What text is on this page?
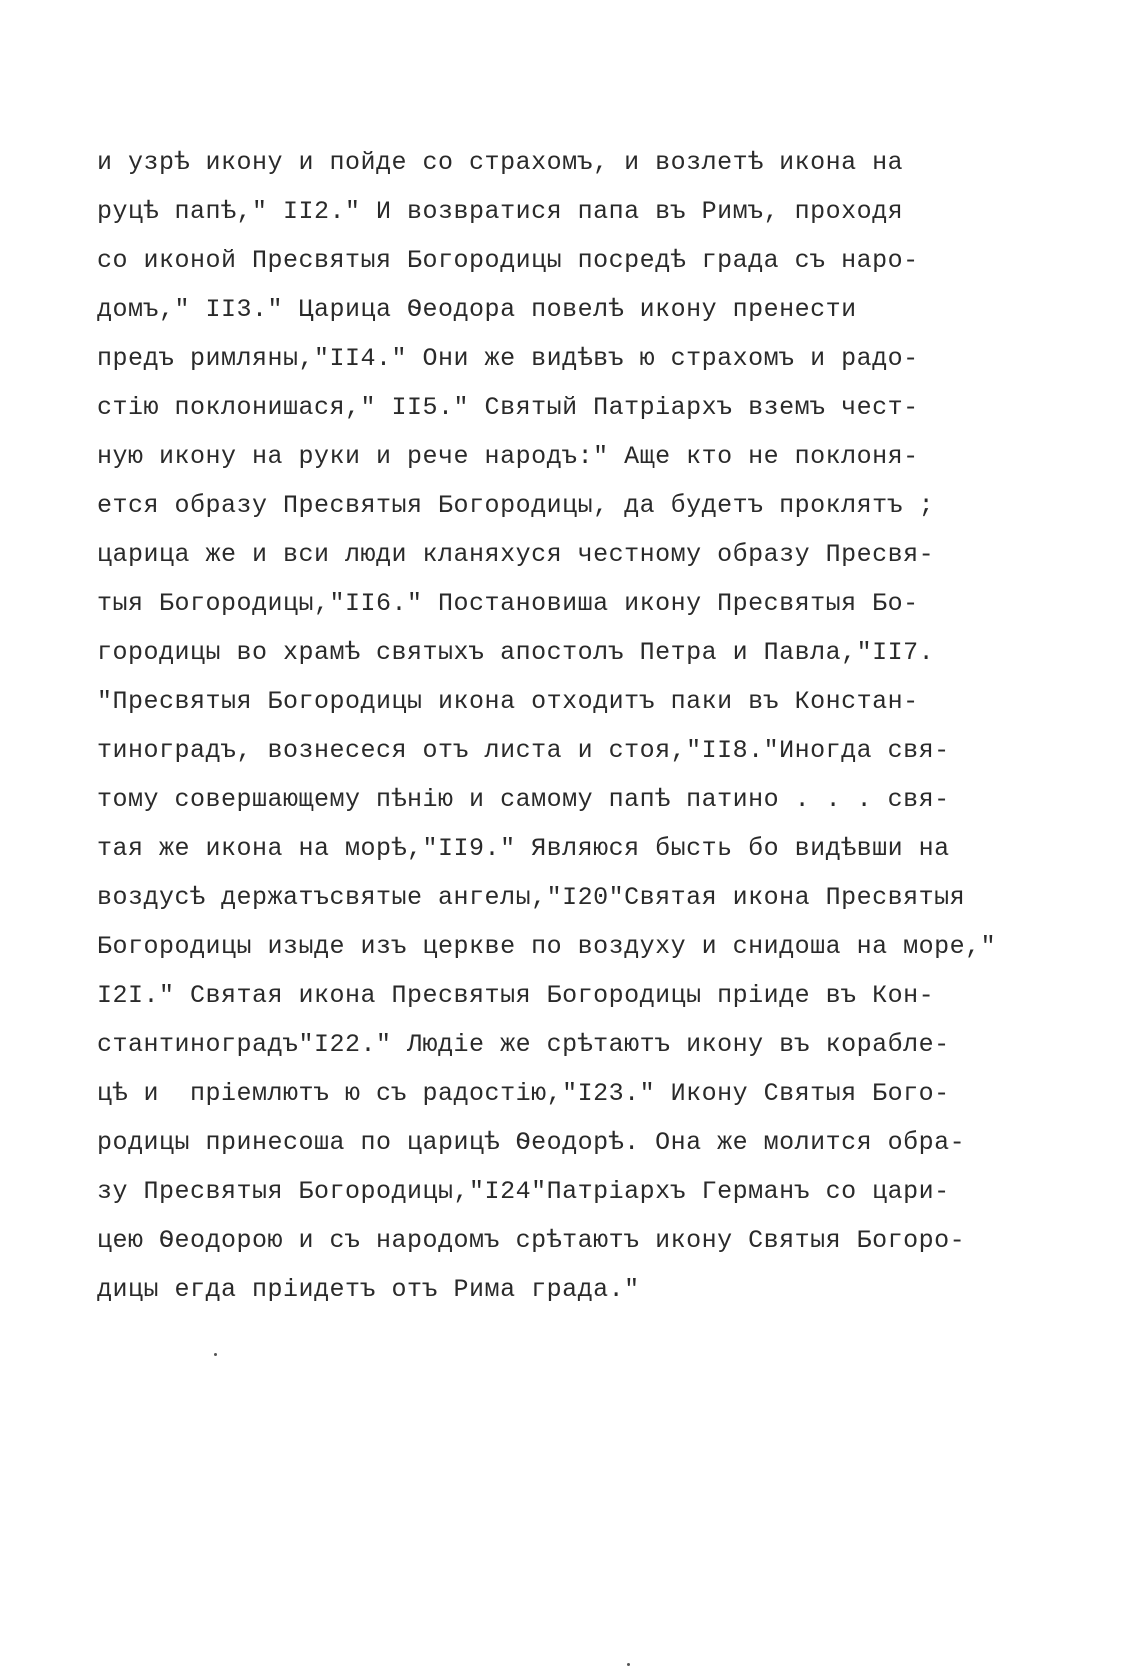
и узрѣ икону и пойде со страхомъ, и возлетѣ икона на
руцѣ папѣ," II2." И возвратися папа въ Римъ, проходя
со иконой Пресвятыя Богородицы посредѣ града съ наро-
домъ," II3." Царица Ѳеодора повелѣ икону пренести
предъ римляны,"II4." Они же видѣвъ ю страхомъ и радо-
стiю поклонишася," II5." Святый Патрiархъ вземъ чест-
ную икону на руки и рече народъ:" Аще кто не поклоня-
ется образу Пресвятыя Богородицы, да будетъ проклятъ ;
царица же и вси люди кланяхуся честному образу Пресвя-
тыя Богородицы,"II6." Постановиша икону Пресвятыя Бо-
городицы во храмѣ святыхъ апостолъ Петра и Павла,"II7.
"Пресвятыя Богородицы икона отходитъ паки въ Констан-
тиноградъ, вознесеся отъ листа и стоя,"II8."Иногда свя-
тому совершающему пѣнiю и самому папѣ патино . . . свя-
тая же икона на морѣ,"II9." Являюся бысть бо видѣвши на
воздусѣ держатъсвятые ангелы,"I20"Святая икона Пресвятыя
Богородицы изыде изъ церкве по воздуху и снидоша на море,"
I2I." Святая икона Пресвятыя Богородицы прiиде въ Кон-
стантиноградъ"I22." Людiе же срѣтаютъ икону въ корабле-
цѣ и  прiемлютъ ю съ радостiю,"I23." Икону Святыя Бого-
родицы принесоша по царицѣ Ѳеодорѣ. Она же молится обра-
зу Пресвятыя Богородицы,"I24"Патрiархъ Германъ со цари-
цею Ѳеодорою и съ народомъ срѣтаютъ икону Святыя Богоро-
дицы егда прiидетъ отъ Рима града."
